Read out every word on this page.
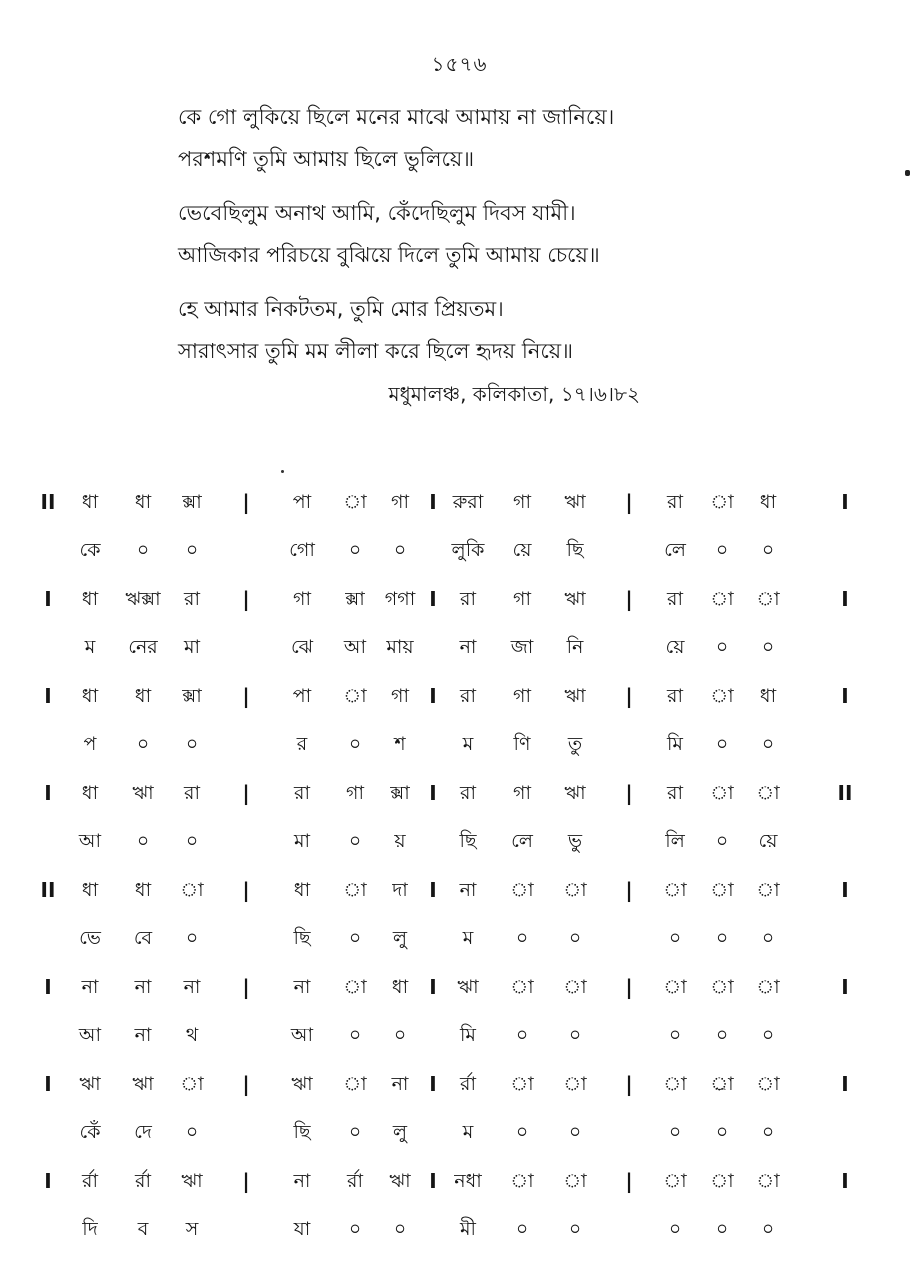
১৫৭৬
কে গো লুকিয়ে ছিলে মনের মাঝে আমায় না জানিয়ে।
পরশমণি তুমি আমায় ছিলে ভুলিয়ে॥
ভেবেছিলুম অনাথ আমি, কেঁদেছিলুম দিবস যামী।
আজিকার পরিচয়ে বুঝিয়ে দিলে তুমি আমায় চেয়ে॥
হে আমার নিকটতম, তুমি মোর প্রিয়তম।
সারাৎসার তুমি মম লীলা করে ছিলে হৃদয় নিয়ে॥
মধুমালঞ্চ, কলিকাতা, ১৭।৬।৮২
II ধা ধা ক্সা | পা া গা I রুরা গা ঋা | রা া ধা	I
কে ০ ০	গো ০ ০ লুকি য়ে ছি	লে ০ ০
I ধা ঋক্সা রা | গা ক্সা গগা I রা গা ঋা | রা া া	I
ম নের মা	ঝে আ মায় না জা নি	য়ে ০ ০
I ধা ধা ক্সা | পা া গা I রা গা ঋা | রা া ধা	I
প ০ ০	র ০ শ	ম ণি তু	মি ০ ০
I ধা ঋা রা | রা গা ক্সা I রা গা ঋা | রা া া	II
আ ০ ০	মা ০ য়	ছি লে ভু	লি ০ য়ে
II ধা ধা া | ধা া দা I না া া | া া া	I
ভে বে ০	ছি ০ লু	ম ০ ০	০ ০ ০
I না না না | না া ধা I ঋা া া | া া া	I
আ না থ	আ ০ ০	মি ০ ০	০ ০ ০
I ঋা ঋা া | ঋা া না I র্রা া া | া র্া া	I
কেঁ দে ০	ছি ০ লু	ম ০ ০	০ ০ ০
I র্রা র্রা ঋা | না র্রা ঋা I নধা া া | া া া	I
দি ব স	যা ০ ০	মী ০ ০	০ ০ ০
